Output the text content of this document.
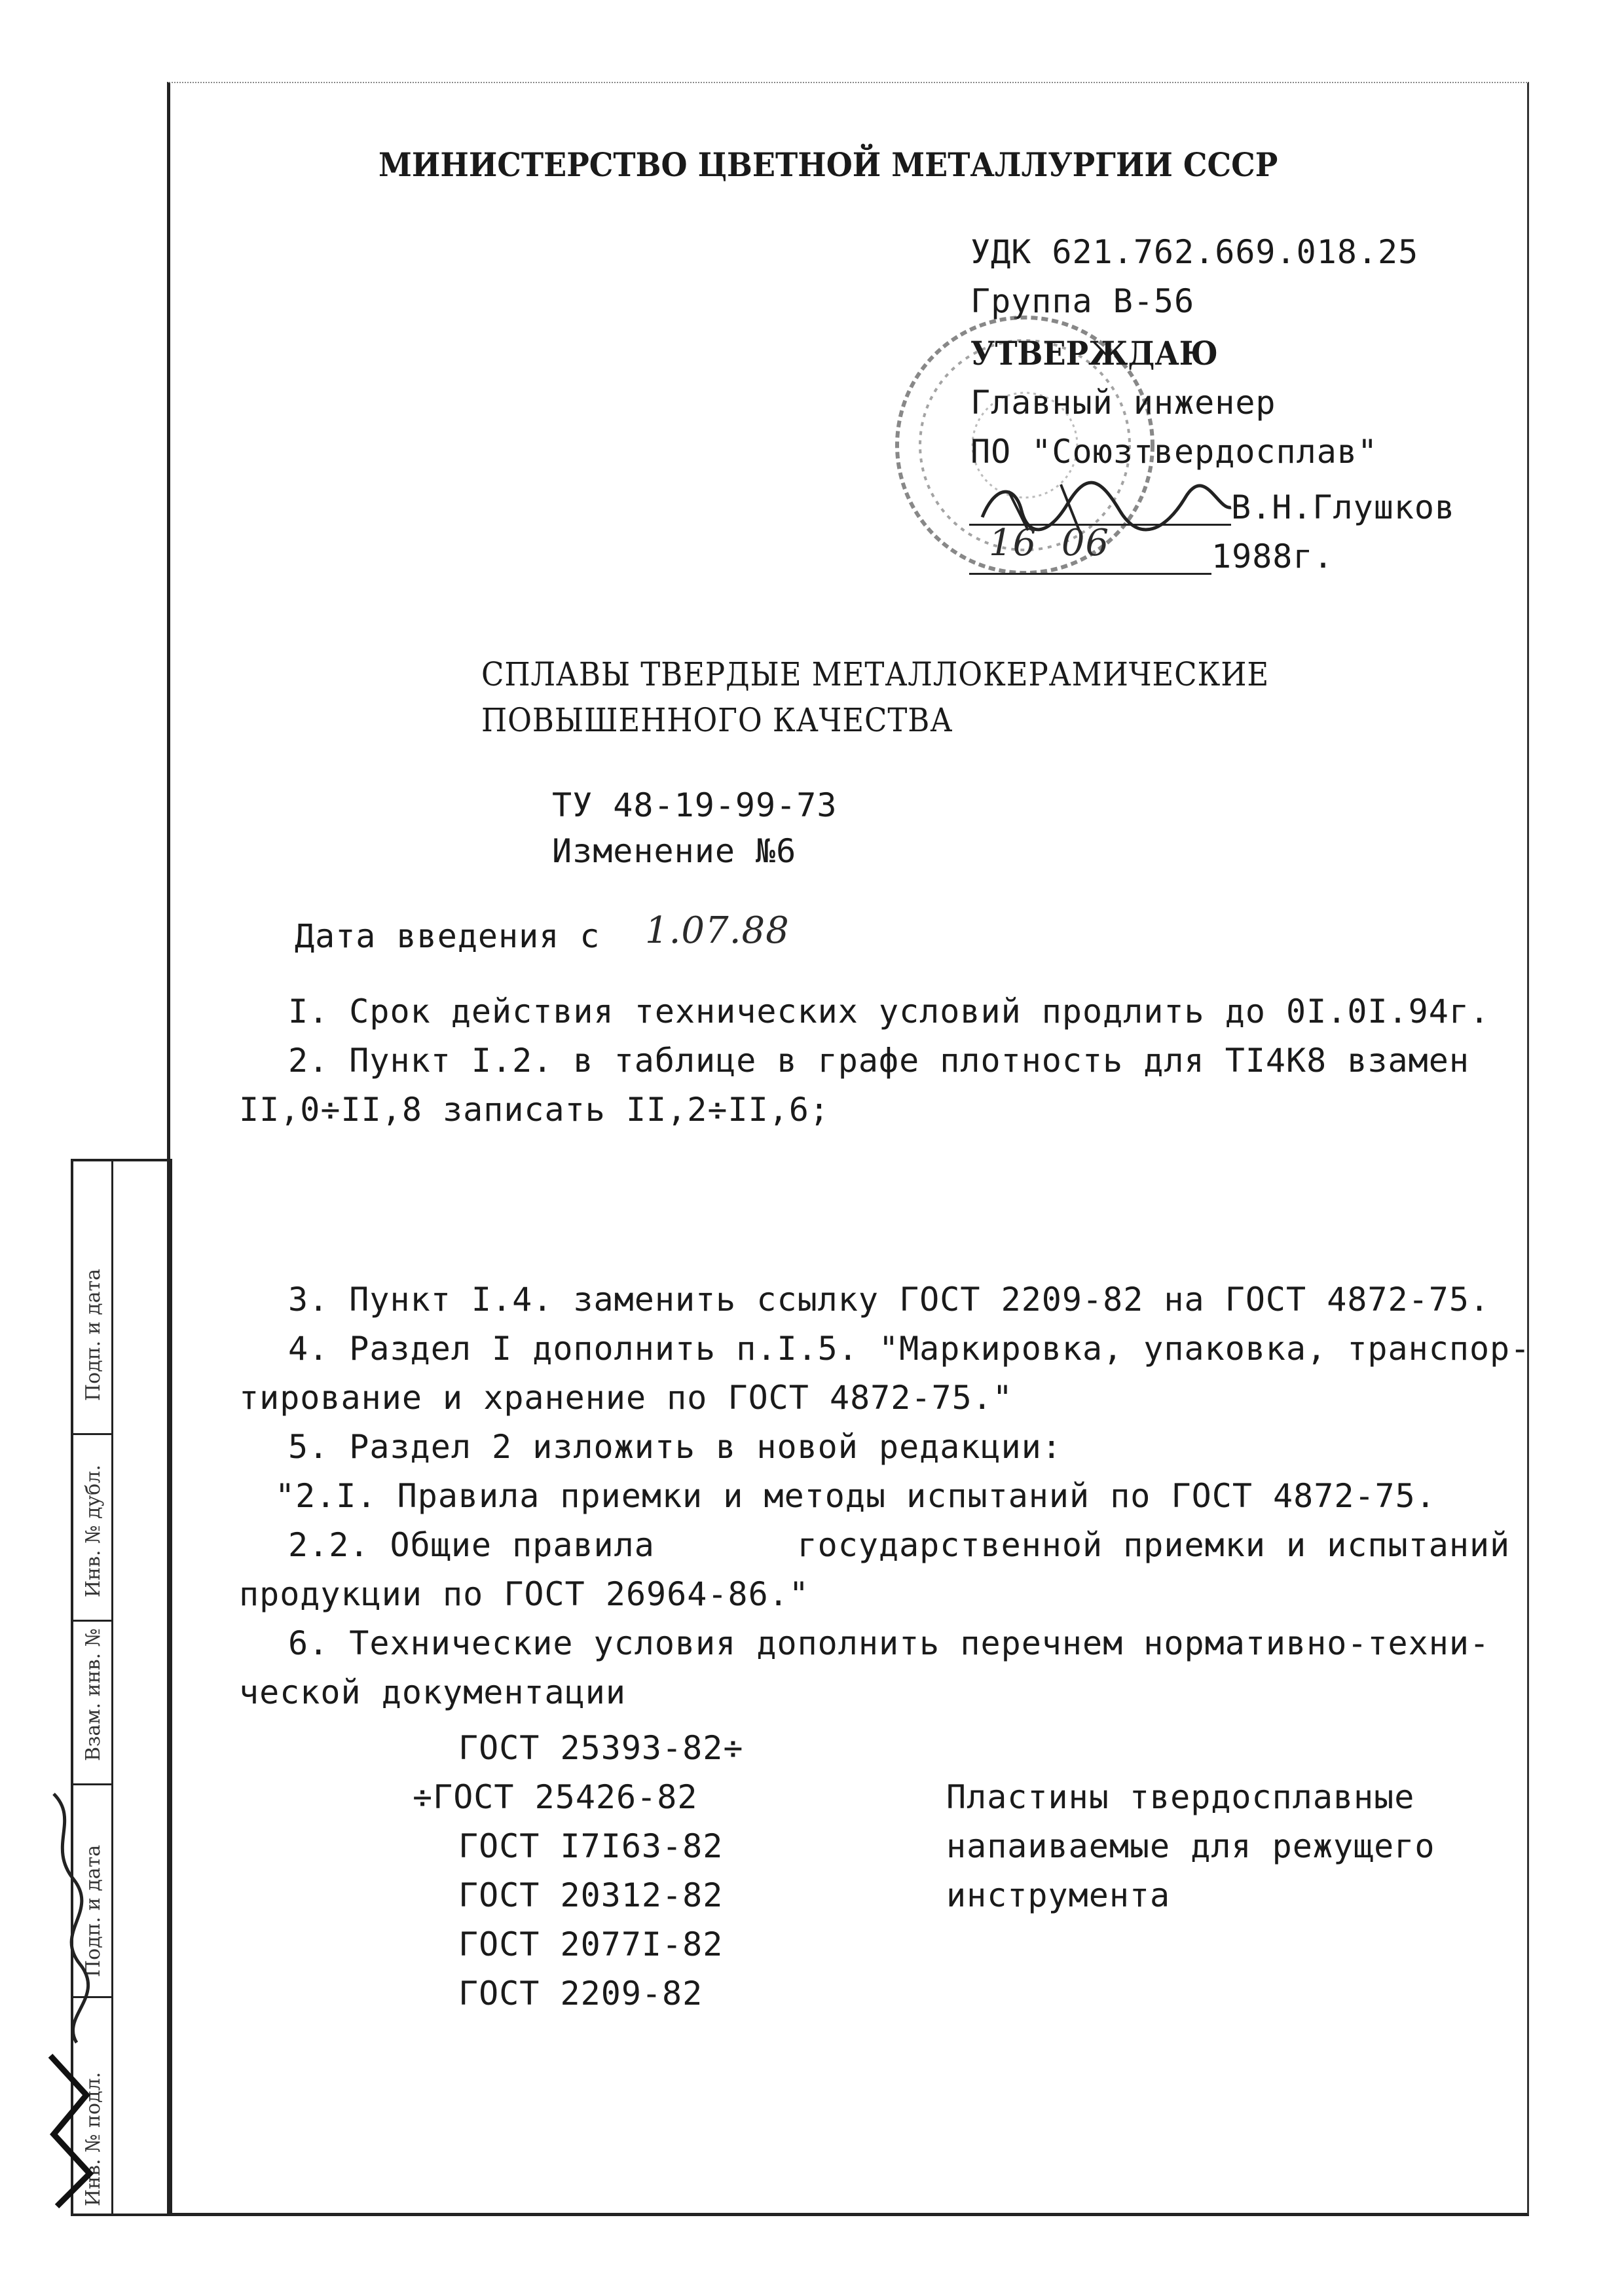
МИНИСТЕРСТВО ЦВЕТНОЙ МЕТАЛЛУРГИИ СССР
УДК 621.762.669.018.25
Группа В-56
УТВЕРЖДАЮ
Главный инженер
ПО "Союзтвердосплав"
В.Н.Глушков
16  06	1988г.
СПЛАВЫ ТВЕРДЫЕ МЕТАЛЛОКЕРАМИЧЕСКИЕ
ПОВЫШЕННОГО КАЧЕСТВА
ТУ 48-19-99-73
Изменение №6
Дата введения с 1.07.88
I. Срок действия технических условий продлить до 0I.0I.94г.
2. Пункт I.2. в таблице в графе плотность для TI4K8 взамен
II,0÷II,8 записать II,2÷II,6;
3. Пункт I.4. заменить ссылку ГОСТ 2209-82 на ГОСТ 4872-75.
4. Раздел I дополнить п.I.5. "Маркировка, упаковка, транспор-
тирование и хранение по ГОСТ 4872-75."
5. Раздел 2 изложить в новой редакции:
"2.I. Правила приемки и методы испытаний по ГОСТ 4872-75.
2.2. Общие правила       государственной приемки и испытаний
продукции по ГОСТ 26964-86."
6. Технические условия дополнить перечнем нормативно-техни-
ческой документации
ГОСТ 25393-82÷
÷ГОСТ 25426-82
ГОСТ I7I63-82
ГОСТ 20312-82
ГОСТ 2077I-82
ГОСТ 2209-82
Пластины твердосплавные
напаиваемые для режущего
инструмента
Подп. и дата
Инв. № дубл.
Взам. инв. №
Подп. и дата
Инв. № подл.
